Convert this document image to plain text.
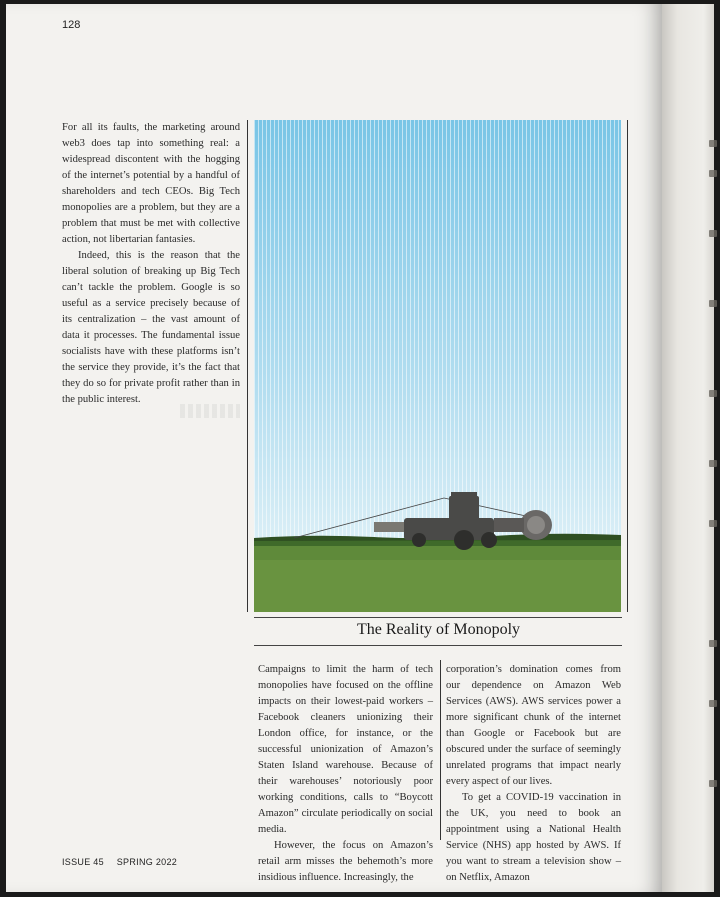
128

For all its faults, the marketing around web3 does tap into something real: a widespread discontent with the hogging of the internet’s potential by a handful of shareholders and tech CEOs. Big Tech monopolies are a problem, but they are a problem that must be met with collective action, not libertarian fantasies.

Indeed, this is the reason that the liberal solution of breaking up Big Tech can’t tackle the problem. Google is so useful as a service precisely because of its centralization – the vast amount of data it processes. The fundamental issue socialists have with these platforms isn’t the service they provide, it’s the fact that they do so for private profit rather than in the public interest.

The Reality of Monopoly

Campaigns to limit the harm of tech monopolies have focused on the offline impacts on their lowest-paid workers – Facebook cleaners unionizing their London office, for instance, or the successful unionization of Amazon’s Staten Island warehouse. Because of their warehouses’ notoriously poor working conditions, calls to “Boycott Amazon” circulate periodically on social media.

However, the focus on Amazon’s retail arm misses the behemoth’s more insidious influence. Increasingly, the

corporation’s domination comes from our dependence on Amazon Web Services (AWS). AWS services power a more significant chunk of the internet than Google or Facebook but are obscured under the surface of seemingly unrelated programs that impact nearly every aspect of our lives.

To get a COVID-19 vaccination in the UK, you need to book an appointment using a National Health Service (NHS) app hosted by AWS. If you want to stream a television show – on Netflix, Amazon

ISSUE 45 SPRING 2022
